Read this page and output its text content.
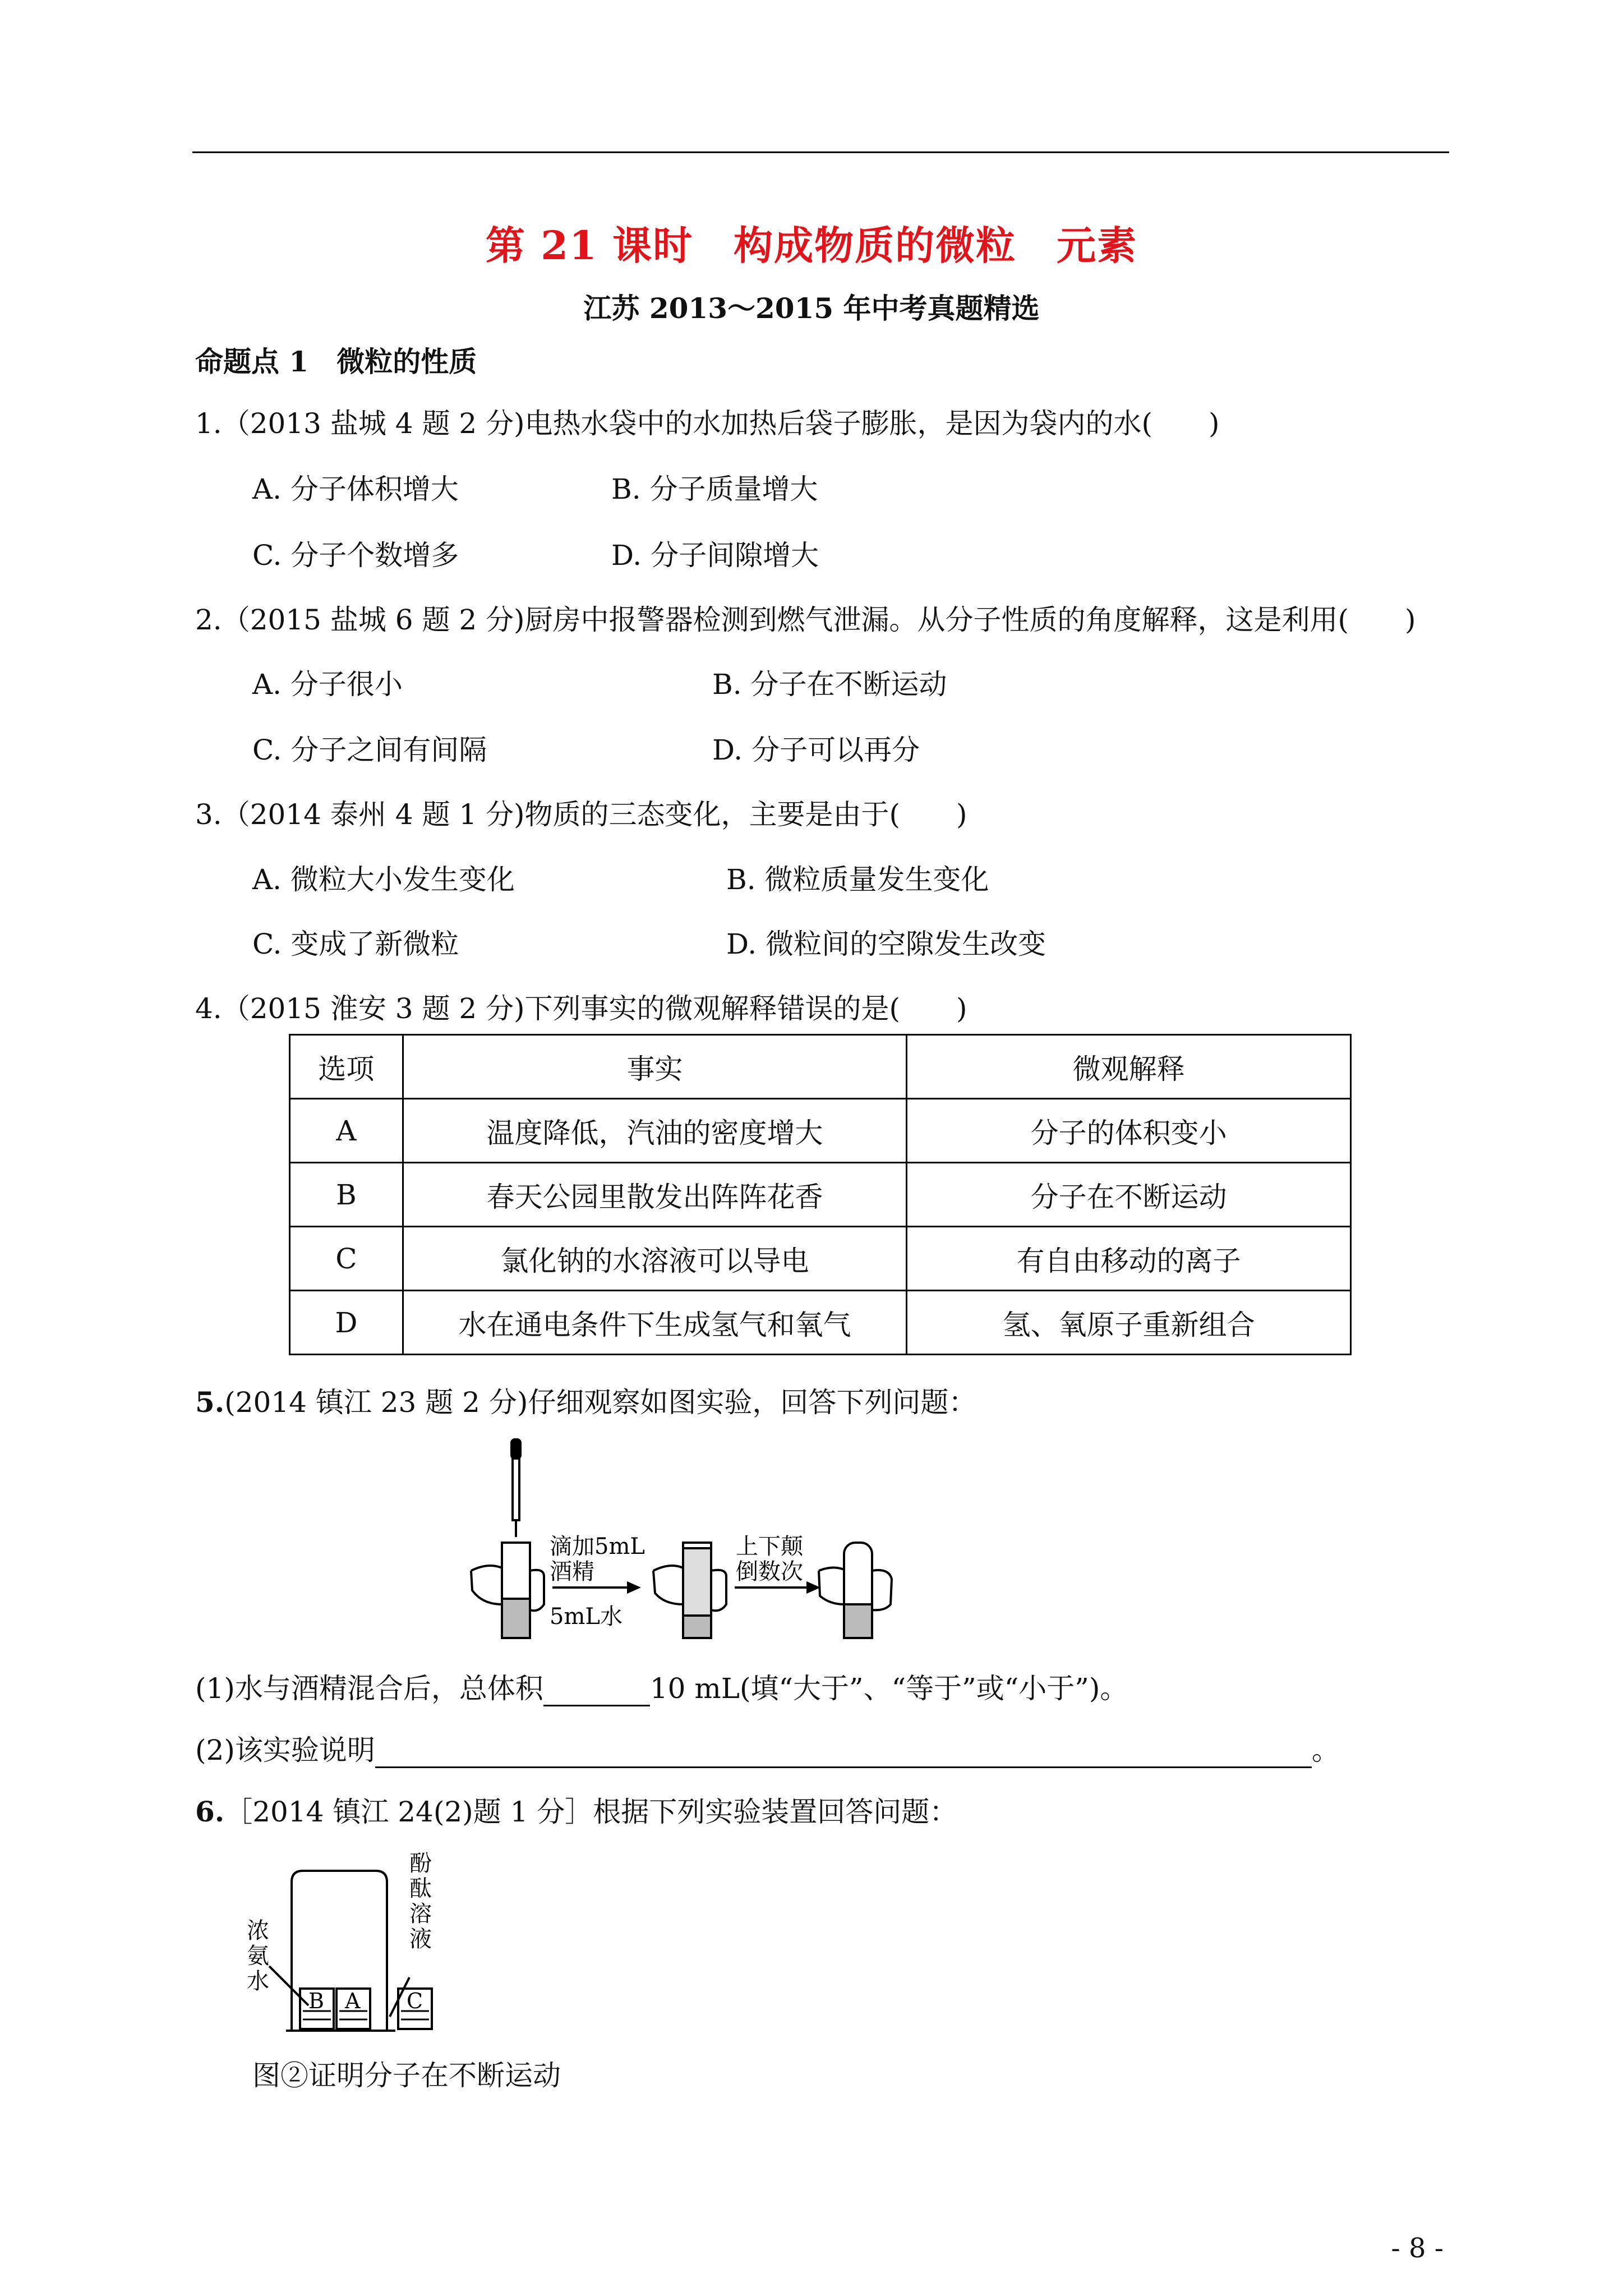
第 21 课时　构成物质的微粒　元素
江苏 2013～2015 年中考真题精选
命题点 1　微粒的性质
1.（2013 盐城 4 题 2 分)电热水袋中的水加热后袋子膨胀，是因为袋内的水(　　)
A. 分子体积增大	B. 分子质量增大
C. 分子个数增多	D. 分子间隙增大
2.（2015 盐城 6 题 2 分)厨房中报警器检测到燃气泄漏。从分子性质的角度解释，这是利用(　　)
A. 分子很小	B. 分子在不断运动
C. 分子之间有间隔	D. 分子可以再分
3.（2014 泰州 4 题 1 分)物质的三态变化，主要是由于(　　)
A. 微粒大小发生变化	B. 微粒质量发生变化
C. 变成了新微粒	D. 微粒间的空隙发生改变
4.（2015 淮安 3 题 2 分)下列事实的微观解释错误的是(　　)
选项	事实	微观解释
A	温度降低，汽油的密度增大	分子的体积变小
B	春天公园里散发出阵阵花香	分子在不断运动
C	氯化钠的水溶液可以导电	有自由移动的离子
D	水在通电条件下生成氢气和氧气	氢、氧原子重新组合
5.(2014 镇江 23 题 2 分)仔细观察如图实验，回答下列问题：
滴加5mL
酒精
5mL水
上下颠
倒数次
(1)水与酒精混合后，总体积	10 mL(填“大于”、“等于”或“小于”)。
(2)该实验说明	。
6.［2014 镇江 24(2)题 1 分］根据下列实验装置回答问题：
浓
氨
水
酚
酞
溶
液
B A C
图②证明分子在不断运动
- 8 -
